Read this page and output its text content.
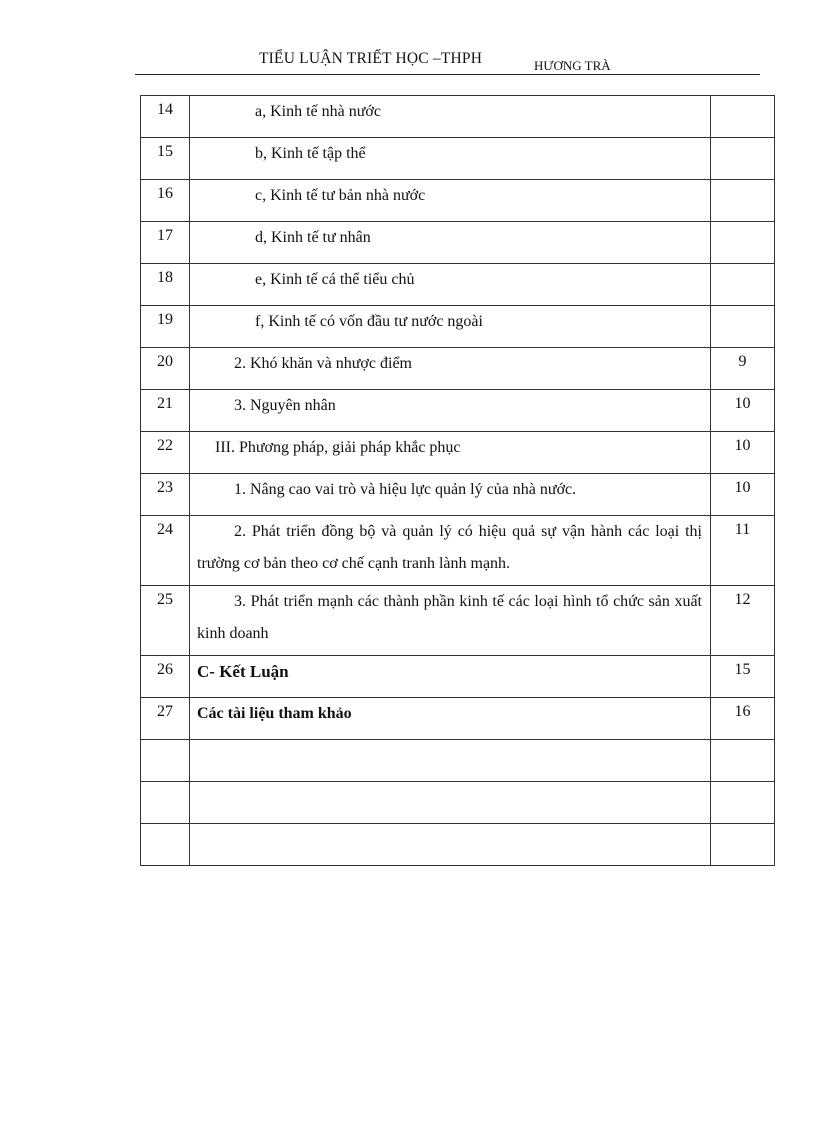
TIỂU LUẬN TRIẾT HỌC –THPH	HƯƠNG TRÀ
14	a, Kinh tế nhà nước	
15	b, Kinh tế tập thể	
16	c, Kinh tế tư bản nhà nước	
17	d, Kinh tế tư nhân	
18	e, Kinh tế cá thể tiểu chủ	
19	f, Kinh tế có vốn đầu tư nước ngoài	
20	2. Khó khăn và nhược điểm	9
21	3. Nguyên nhân	10
22	III. Phương pháp, giải pháp khắc phục	10
23	1. Nâng cao vai trò và hiệu lực quản lý của nhà nước.	10
24	2. Phát triển đồng bộ và quản lý có hiệu quả sự vận hành các loại thị trường cơ bản theo cơ chế cạnh tranh lành mạnh.	11
25	3. Phát triển mạnh các thành phần kinh tế các loại hình tổ chức sản xuất kinh doanh	12
26	C- Kết Luận	15
27	Các tài liệu tham khảo	16
